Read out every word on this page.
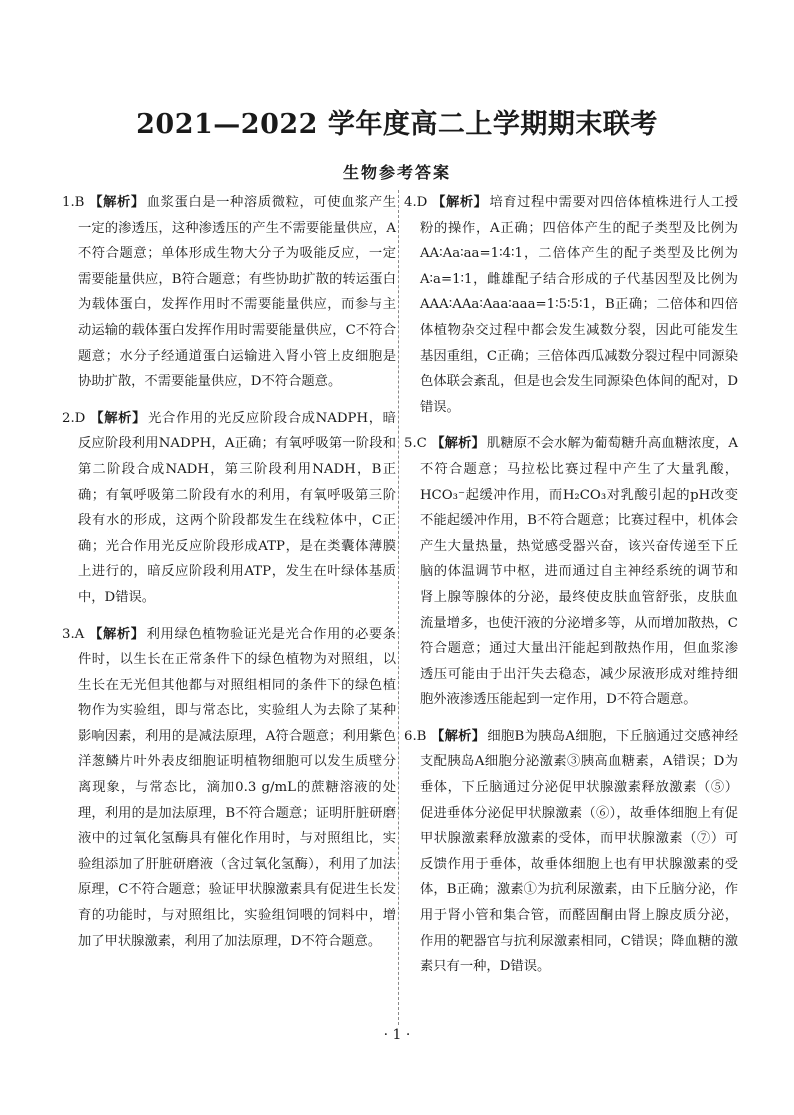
2021—2022 学年度高二上学期期末联考
生物参考答案

1.B 【解析】 血浆蛋白是一种溶质微粒，可使血浆产生一定的渗透压，这种渗透压的产生不需要能量供应，A不符合题意；单体形成生物大分子为吸能反应，一定需要能量供应，B符合题意；有些协助扩散的转运蛋白为载体蛋白，发挥作用时不需要能量供应，而参与主动运输的载体蛋白发挥作用时需要能量供应，C不符合题意；水分子经通道蛋白运输进入肾小管上皮细胞是协助扩散，不需要能量供应，D不符合题意。

2.D 【解析】 光合作用的光反应阶段合成NADPH，暗反应阶段利用NADPH，A正确；有氧呼吸第一阶段和第二阶段合成NADH，第三阶段利用NADH，B正确；有氧呼吸第二阶段有水的利用，有氧呼吸第三阶段有水的形成，这两个阶段都发生在线粒体中，C正确；光合作用光反应阶段形成ATP，是在类囊体薄膜上进行的，暗反应阶段利用ATP，发生在叶绿体基质中，D错误。

3.A 【解析】 利用绿色植物验证光是光合作用的必要条件时，以生长在正常条件下的绿色植物为对照组，以生长在无光但其他都与对照组相同的条件下的绿色植物作为实验组，即与常态比，实验组人为去除了某种影响因素，利用的是减法原理，A符合题意；利用紫色洋葱鳞片叶外表皮细胞证明植物细胞可以发生质壁分离现象，与常态比，滴加0.3 g/mL的蔗糖溶液的处理，利用的是加法原理，B不符合题意；证明肝脏研磨液中的过氧化氢酶具有催化作用时，与对照组比，实验组添加了肝脏研磨液（含过氧化氢酶），利用了加法原理，C不符合题意；验证甲状腺激素具有促进生长发育的功能时，与对照组比，实验组饲喂的饲料中，增加了甲状腺激素，利用了加法原理，D不符合题意。

4.D 【解析】 培育过程中需要对四倍体植株进行人工授粉的操作，A正确；四倍体产生的配子类型及比例为AA∶Aa∶aa=1∶4∶1，二倍体产生的配子类型及比例为A∶a=1∶1，雌雄配子结合形成的子代基因型及比例为AAA∶AAa∶Aaa∶aaa=1∶5∶5∶1，B正确；二倍体和四倍体植物杂交过程中都会发生减数分裂，因此可能发生基因重组，C正确；三倍体西瓜减数分裂过程中同源染色体联会紊乱，但是也会发生同源染色体间的配对，D错误。

5.C 【解析】 肌糖原不会水解为葡萄糖升高血糖浓度，A不符合题意；马拉松比赛过程中产生了大量乳酸，HCO₃⁻起缓冲作用，而H₂CO₃对乳酸引起的pH改变不能起缓冲作用，B不符合题意；比赛过程中，机体会产生大量热量，热觉感受器兴奋，该兴奋传递至下丘脑的体温调节中枢，进而通过自主神经系统的调节和肾上腺等腺体的分泌，最终使皮肤血管舒张，皮肤血流量增多，也使汗液的分泌增多等，从而增加散热，C符合题意；通过大量出汗能起到散热作用，但血浆渗透压可能由于出汗失去稳态，减少尿液形成对维持细胞外液渗透压能起到一定作用，D不符合题意。

6.B 【解析】 细胞B为胰岛A细胞，下丘脑通过交感神经支配胰岛A细胞分泌激素③胰高血糖素，A错误；D为垂体，下丘脑通过分泌促甲状腺激素释放激素（⑤）促进垂体分泌促甲状腺激素（⑥），故垂体细胞上有促甲状腺激素释放激素的受体，而甲状腺激素（⑦）可反馈作用于垂体，故垂体细胞上也有甲状腺激素的受体，B正确；激素①为抗利尿激素，由下丘脑分泌，作用于肾小管和集合管，而醛固酮由肾上腺皮质分泌，作用的靶器官与抗利尿激素相同，C错误；降血糖的激素只有一种，D错误。

· 1 ·
